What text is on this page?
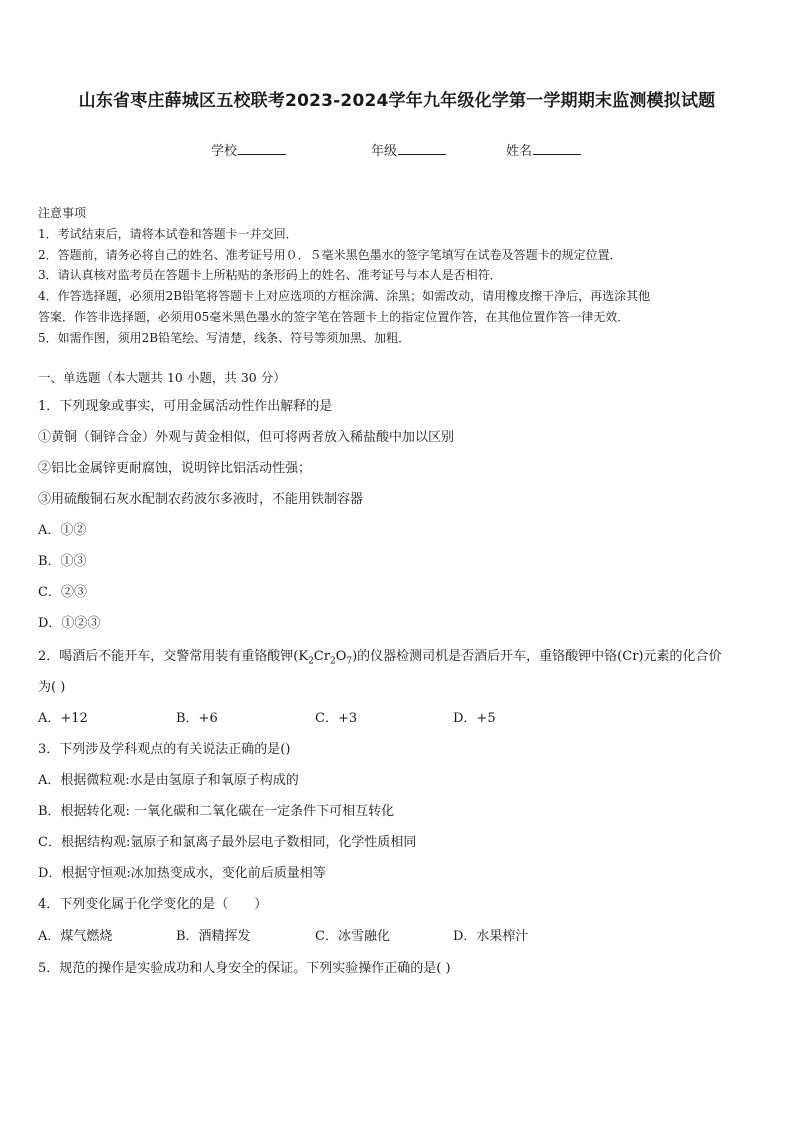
山东省枣庄薛城区五校联考2023-2024学年九年级化学第一学期期末监测模拟试题
学校	年级	姓名
注意事项
1．考试结束后，请将本试卷和答题卡一并交回．
2．答题前，请务必将自己的姓名、准考证号用０．５毫米黑色墨水的签字笔填写在试卷及答题卡的规定位置．
3．请认真核对监考员在答题卡上所粘贴的条形码上的姓名、准考证号与本人是否相符．
4．作答选择题，必须用2B铅笔将答题卡上对应选项的方框涂满、涂黑；如需改动，请用橡皮擦干净后，再选涂其他
答案．作答非选择题，必须用05毫米黑色墨水的签字笔在答题卡上的指定位置作答，在其他位置作答一律无效．
5．如需作图，须用2B铅笔绘、写清楚，线条、符号等须加黑、加粗．
一、单选题（本大题共 10 小题，共 30 分）
1．下列现象或事实，可用金属活动性作出解释的是
①黄铜（铜锌合金）外观与黄金相似，但可将两者放入稀盐酸中加以区别
②铝比金属锌更耐腐蚀，说明锌比铝活动性强；
③用硫酸铜石灰水配制农药波尔多液时，不能用铁制容器
A．①②
B．①③
C．②③
D．①②③
2．喝酒后不能开车，交警常用装有重铬酸钾$(K_2Cr_2O_7)$的仪器检测司机是否酒后开车，重铬酸钾中铬(Cr)元素的化合价
为( )
A．+12	B．+6	C．+3	D．+5
3．下列涉及学科观点的有关说法正确的是()
A．根据微粒观:水是由氢原子和氧原子构成的
B．根据转化观: 一氧化碳和二氧化碳在一定条件下可相互转化
C．根据结构观:氩原子和氯离子最外层电子数相同，化学性质相同
D．根据守恒观:冰加热变成水，变化前后质量相等
4．下列变化属于化学变化的是（　　）
A．煤气燃烧	B．酒精挥发	C．冰雪融化	D．水果榨汁
5．规范的操作是实验成功和人身安全的保证。下列实验操作正确的是( )
